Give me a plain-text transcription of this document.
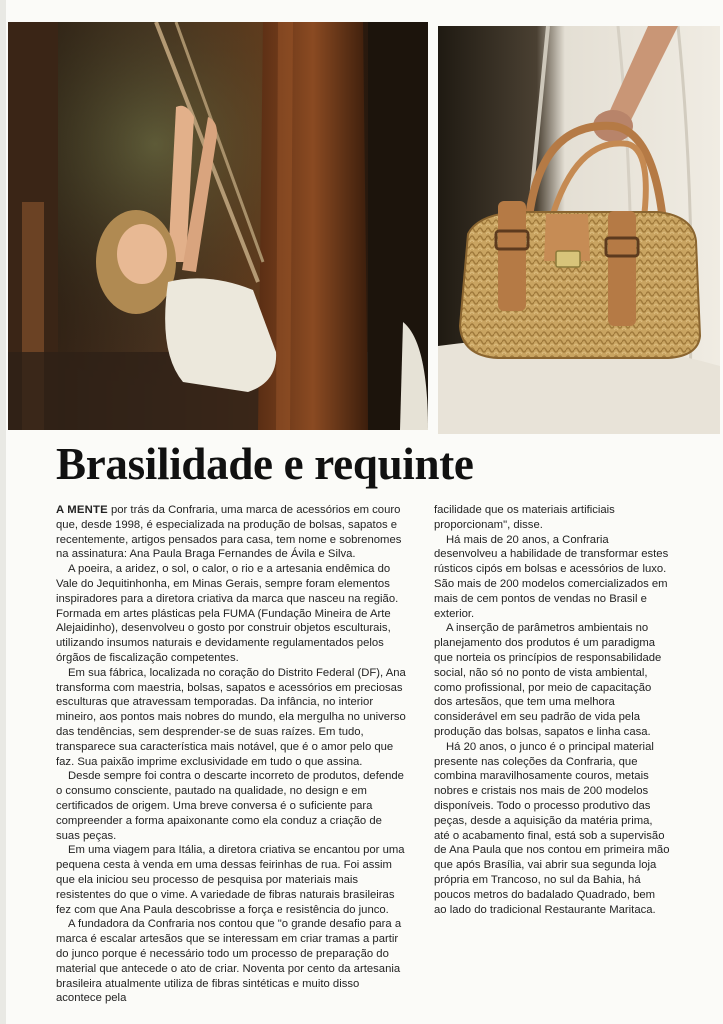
Brasilidade e requinte

A MENTE por trás da Confraria, uma marca de acessórios em couro que, desde 1998, é especializada na produção de bolsas, sapatos e recentemente, artigos pensados para casa, tem nome e sobrenomes na assinatura: Ana Paula Braga Fernandes de Ávila e Silva.

A poeira, a aridez, o sol, o calor, o rio e a artesania endêmica do Vale do Jequitinhonha, em Minas Gerais, sempre foram elementos inspiradores para a diretora criativa da marca que nasceu na região. Formada em artes plásticas pela FUMA (Fundação Mineira de Arte Alejaidinho), desenvolveu o gosto por construir objetos esculturais, utilizando insumos naturais e devidamente regulamentados pelos órgãos de fiscalização competentes.

Em sua fábrica, localizada no coração do Distrito Federal (DF), Ana transforma com maestria, bolsas, sapatos e acessórios em preciosas esculturas que atravessam temporadas. Da infância, no interior mineiro, aos pontos mais nobres do mundo, ela mergulha no universo das tendências, sem desprender-se de suas raízes. Em tudo, transparece sua característica mais notável, que é o amor pelo que faz. Sua paixão imprime exclusividade em tudo o que assina.

Desde sempre foi contra o descarte incorreto de produtos, defende o consumo consciente, pautado na qualidade, no design e em certificados de origem. Uma breve conversa é o suficiente para compreender a forma apaixonante como ela conduz a criação de suas peças.

Em uma viagem para Itália, a diretora criativa se encantou por uma pequena cesta à venda em uma dessas feirinhas de rua. Foi assim que ela iniciou seu processo de pesquisa por materiais mais resistentes do que o vime. A variedade de fibras naturais brasileiras fez com que Ana Paula descobrisse a força e resistência do junco.

A fundadora da Confraria nos contou que "o grande desafio para a marca é escalar artesãos que se interessam em criar tramas a partir do junco porque é necessário todo um processo de preparação do material que antecede o ato de criar. Noventa por cento da artesania brasileira atualmente utiliza de fibras sintéticas e muito disso acontece pela

facilidade que os materiais artificiais proporcionam", disse.

Há mais de 20 anos, a Confraria desenvolveu a habilidade de transformar estes rústicos cipós em bolsas e acessórios de luxo. São mais de 200 modelos comercializados em mais de cem pontos de vendas no Brasil e exterior.

A inserção de parâmetros ambientais no planejamento dos produtos é um paradigma que norteia os princípios de responsabilidade social, não só no ponto de vista ambiental, como profissional, por meio de capacitação dos artesãos, que tem uma melhora considerável em seu padrão de vida pela produção das bolsas, sapatos e linha casa.

Há 20 anos, o junco é o principal material presente nas coleções da Confraria, que combina maravilhosamente couros, metais nobres e cristais nos mais de 200 modelos disponíveis. Todo o processo produtivo das peças, desde a aquisição da matéria prima, até o acabamento final, está sob a supervisão de Ana Paula que nos contou em primeira mão que após Brasília, vai abrir sua segunda loja própria em Trancoso, no sul da Bahia, há poucos metros do badalado Quadrado, bem ao lado do tradicional Restaurante Maritaca.
